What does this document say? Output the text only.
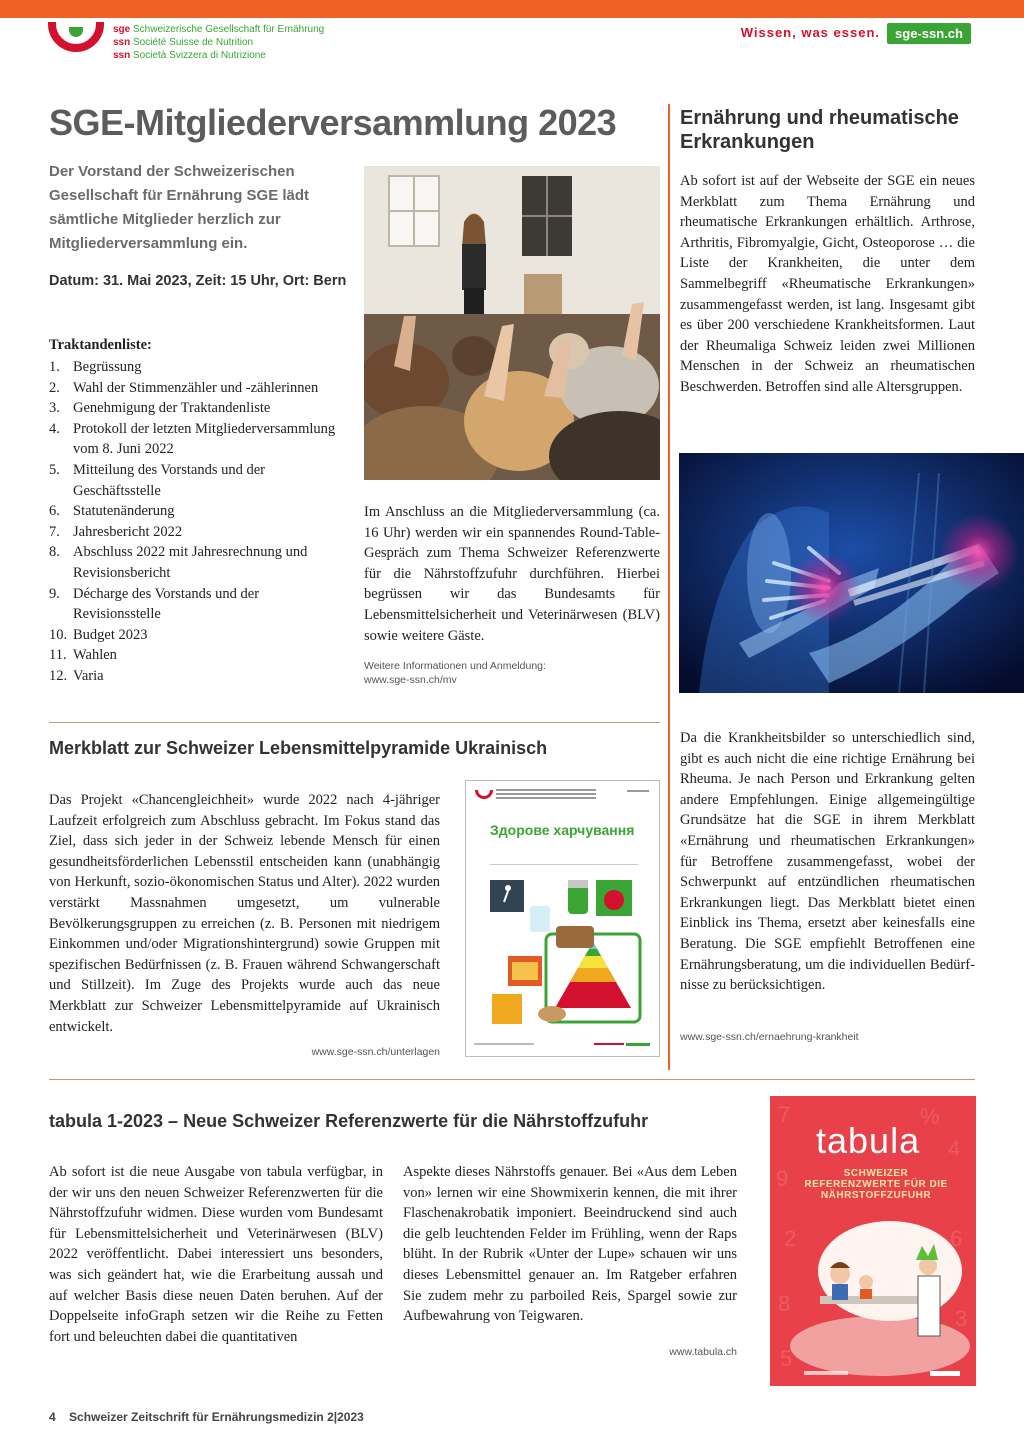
sge Schweizerische Gesellschaft für Ernährung
ssn Société Suisse de Nutrition
ssn Società Svizzera di Nutrizione
Wissen, was essen.	sge-ssn.ch
SGE-Mitgliederversammlung 2023

Der Vorstand der Schweizerischen Gesellschaft für Ernährung SGE lädt sämtliche Mitglieder herzlich zur Mitgliederversammlung ein.

Datum: 31. Mai 2023, Zeit: 15 Uhr, Ort: Bern

Traktandenliste:
1. Begrüssung
2. Wahl der Stimmenzähler und -zählerinnen
3. Genehmigung der Traktandenliste
4. Protokoll der letzten Mitgliederversammlung vom 8. Juni 2022
5. Mitteilung des Vorstands und der Geschäftsstelle
6. Statutenänderung
7. Jahresbericht 2022
8. Abschluss 2022 mit Jahresrechnung und Revisionsbericht
9. Décharge des Vorstands und der Revisionsstelle
10. Budget 2023
11. Wahlen
12. Varia

Im Anschluss an die Mitgliederversammlung (ca. 16 Uhr) werden wir ein spannendes Round-Table-Gespräch zum Thema Schweizer Referenzwerte für die Nährstoffzufuhr durchführen. Hierbei begrüssen wir das Bundesamts für Lebensmittelsicherheit und Veterinärwesen (BLV) sowie weitere Gäste.

Weitere Informationen und Anmeldung:
www.sge-ssn.ch/mv
Ernährung und rheumatische Erkrankungen

Ab sofort ist auf der Webseite der SGE ein neues Merkblatt zum Thema Ernährung und rheumatische Erkrankungen erhältlich. Arthrose, Arthritis, Fibromyalgie, Gicht, Osteoporose … die Liste der Krankheiten, die unter dem Sammelbegriff «Rheumatische Erkrankungen» zusammengefasst werden, ist lang. Insgesamt gibt es über 200 verschiedene Krankheitsformen. Laut der Rheumaliga Schweiz leiden zwei Millionen Menschen in der Schweiz an rheumatischen Beschwerden. Betroffen sind alle Altersgruppen.

Da die Krankheitsbilder so unterschiedlich sind, gibt es auch nicht die eine richtige Ernährung bei Rheuma. Je nach Person und Erkrankung gelten andere Empfehlungen. Einige allgemeingültige Grundsätze hat die SGE in ihrem Merkblatt «Ernährung und rheumatischen Erkrankungen» für Betroffene zusammengefasst, wobei der Schwerpunkt auf entzündlichen rheumatischen Erkrankungen liegt. Das Merkblatt bietet einen Einblick ins Thema, ersetzt aber keinesfalls eine Beratung. Die SGE empfiehlt Betroffenen eine Ernährungsberatung, um die individuellen Bedürfnisse zu berücksichtigen.

www.sge-ssn.ch/ernaehrung-krankheit
Merkblatt zur Schweizer Lebensmittelpyramide Ukrainisch

Das Projekt «Chancengleichheit» wurde 2022 nach 4-jähriger Laufzeit erfolgreich zum Abschluss gebracht. Im Fokus stand das Ziel, dass sich jeder in der Schweiz lebende Mensch für einen gesundheitsförderlichen Lebensstil entscheiden kann (unabhängig von Herkunft, sozio-ökonomischen Status und Alter). 2022 wurden verstärkt Massnahmen umgesetzt, um vulnerable Bevölkerungsgruppen zu erreichen (z. B. Personen mit niedrigem Einkommen und/oder Migrationshintergrund) sowie Gruppen mit spezifischen Bedürfnissen (z. B. Frauen während Schwangerschaft und Stillzeit). Im Zuge des Projekts wurde auch das neue Merkblatt zur Schweizer Lebensmittelpyramide auf Ukrainisch entwickelt.

www.sge-ssn.ch/unterlagen
Здорове харчування
tabula 1-2023 – Neue Schweizer Referenzwerte für die Nährstoffzufuhr

Ab sofort ist die neue Ausgabe von tabula verfügbar, in der wir uns den neuen Schweizer Referenzwerten für die Nährstoffzufuhr widmen. Diese wurden vom Bundesamt für Lebensmittelsicherheit und Veterinärwesen (BLV) 2022 veröffentlicht. Dabei interessiert uns besonders, was sich geändert hat, wie die Erarbeitung aussah und auf welcher Basis diese neuen Daten beruhen. Auf der Doppelseite infoGraph setzen wir die Reihe zu Fetten fort und beleuchten dabei die quantitativen

Aspekte dieses Nährstoffs genauer. Bei «Aus dem Leben von» lernen wir eine Showmixerin kennen, die mit ihrer Flaschenakrobatik imponiert. Beeindruckend sind auch die gelb leuchtenden Felder im Frühling, wenn der Raps blüht. In der Rubrik «Unter der Lupe» schauen wir uns dieses Lebensmittel genauer an. Im Ratgeber erfahren Sie zudem mehr zu parboiled Reis, Spargel sowie zur Aufbewahrung von Teigwaren.

www.tabula.ch
7	%
4
9
2	6
8
3
5
tabula
SCHWEIZER REFERENZWERTE FÜR DIE NÄHRSTOFFZUFUHR
4 Schweizer Zeitschrift für Ernährungsmedizin 2|2023
